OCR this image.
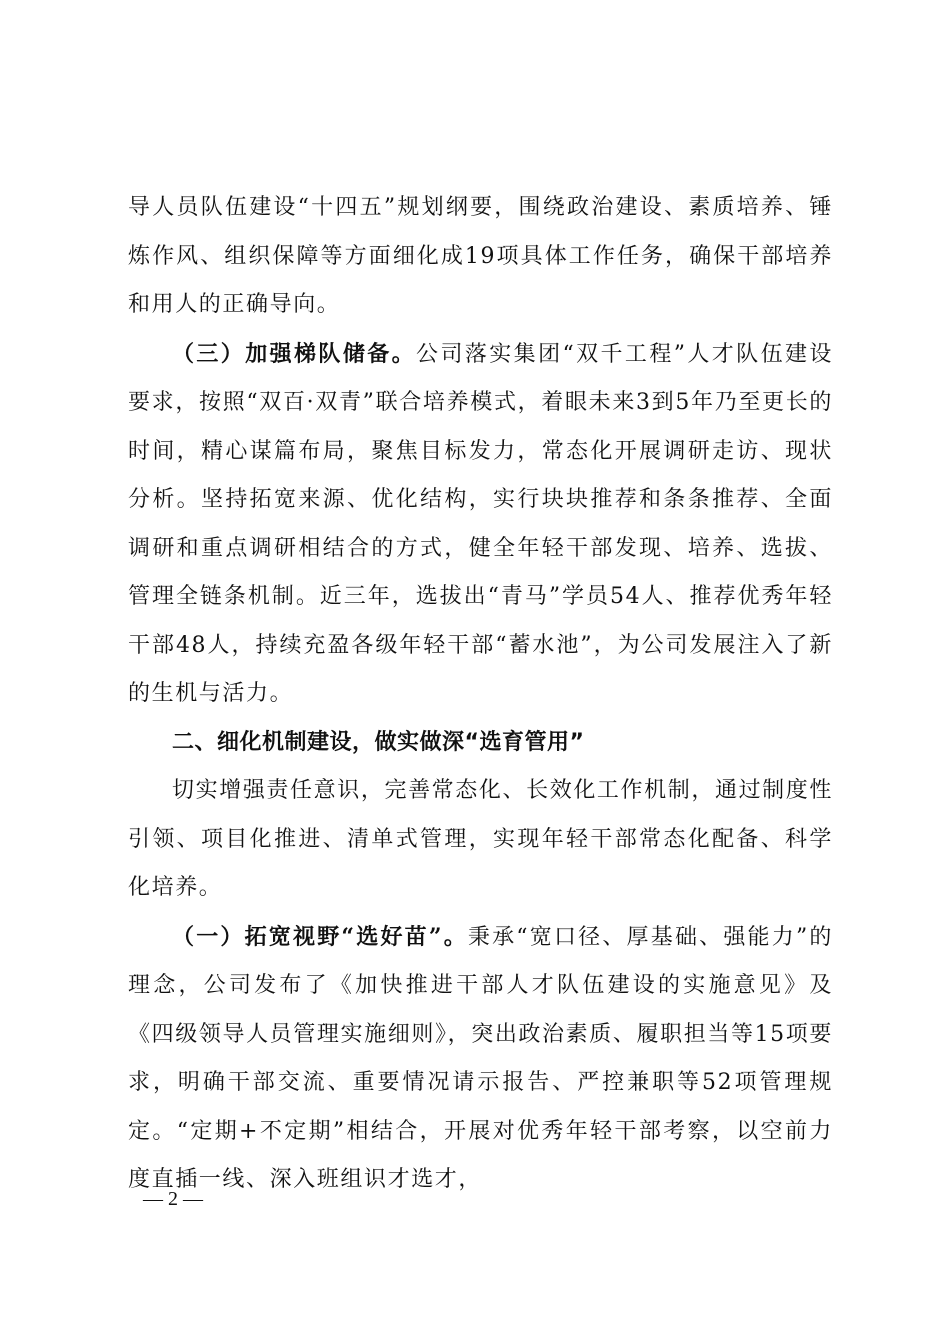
导人员队伍建设“十四五”规划纲要，围绕政治建设、素质培养、锤炼作风、组织保障等方面细化成19项具体工作任务，确保干部培养和用人的正确导向。

（三）加强梯队储备。公司落实集团“双千工程”人才队伍建设要求，按照“双百·双青”联合培养模式，着眼未来3到5年乃至更长的时间，精心谋篇布局，聚焦目标发力，常态化开展调研走访、现状分析。坚持拓宽来源、优化结构，实行块块推荐和条条推荐、全面调研和重点调研相结合的方式，健全年轻干部发现、培养、选拔、管理全链条机制。近三年，选拔出“青马”学员54人、推荐优秀年轻干部48人，持续充盈各级年轻干部“蓄水池”，为公司发展注入了新的生机与活力。

二、细化机制建设，做实做深“选育管用”

切实增强责任意识，完善常态化、长效化工作机制，通过制度性引领、项目化推进、清单式管理，实现年轻干部常态化配备、科学化培养。

（一）拓宽视野“选好苗”。秉承“宽口径、厚基础、强能力”的理念，公司发布了《加快推进干部人才队伍建设的实施意见》及《四级领导人员管理实施细则》，突出政治素质、履职担当等15项要求，明确干部交流、重要情况请示报告、严控兼职等52项管理规定。“定期+不定期”相结合，开展对优秀年轻干部考察，以空前力度直插一线、深入班组识才选才，

— 2 —
